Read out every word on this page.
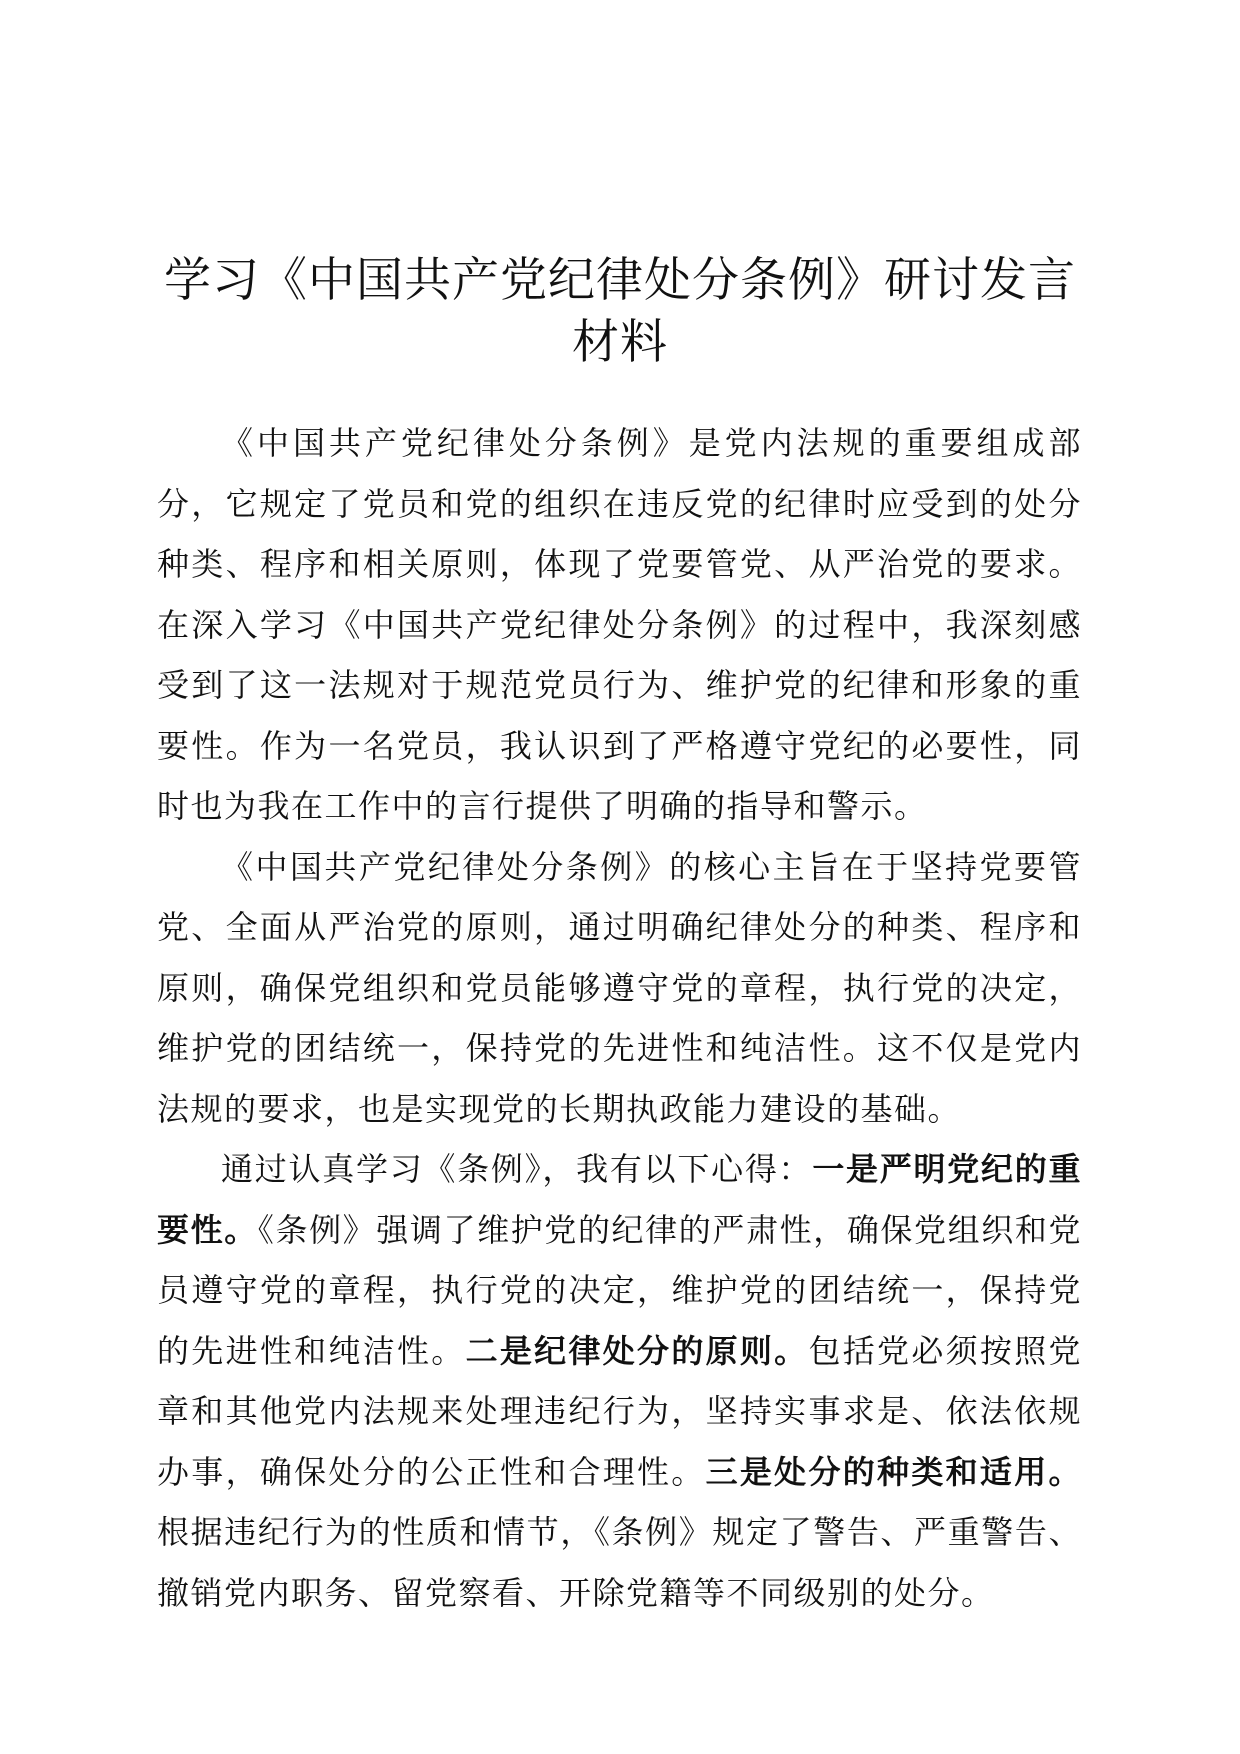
学习《中国共产党纪律处分条例》研讨发言材料

《中国共产党纪律处分条例》是党内法规的重要组成部分，它规定了党员和党的组织在违反党的纪律时应受到的处分种类、程序和相关原则，体现了党要管党、从严治党的要求。在深入学习《中国共产党纪律处分条例》的过程中，我深刻感受到了这一法规对于规范党员行为、维护党的纪律和形象的重要性。作为一名党员，我认识到了严格遵守党纪的必要性，同时也为我在工作中的言行提供了明确的指导和警示。

《中国共产党纪律处分条例》的核心主旨在于坚持党要管党、全面从严治党的原则，通过明确纪律处分的种类、程序和原则，确保党组织和党员能够遵守党的章程，执行党的决定，维护党的团结统一，保持党的先进性和纯洁性。这不仅是党内法规的要求，也是实现党的长期执政能力建设的基础。

通过认真学习《条例》，我有以下心得：一是严明党纪的重要性。《条例》强调了维护党的纪律的严肃性，确保党组织和党员遵守党的章程，执行党的决定，维护党的团结统一，保持党的先进性和纯洁性。二是纪律处分的原则。包括党必须按照党章和其他党内法规来处理违纪行为，坚持实事求是、依法依规办事，确保处分的公正性和合理性。三是处分的种类和适用。根据违纪行为的性质和情节，《条例》规定了警告、严重警告、撤销党内职务、留党察看、开除党籍等不同级别的处分。
